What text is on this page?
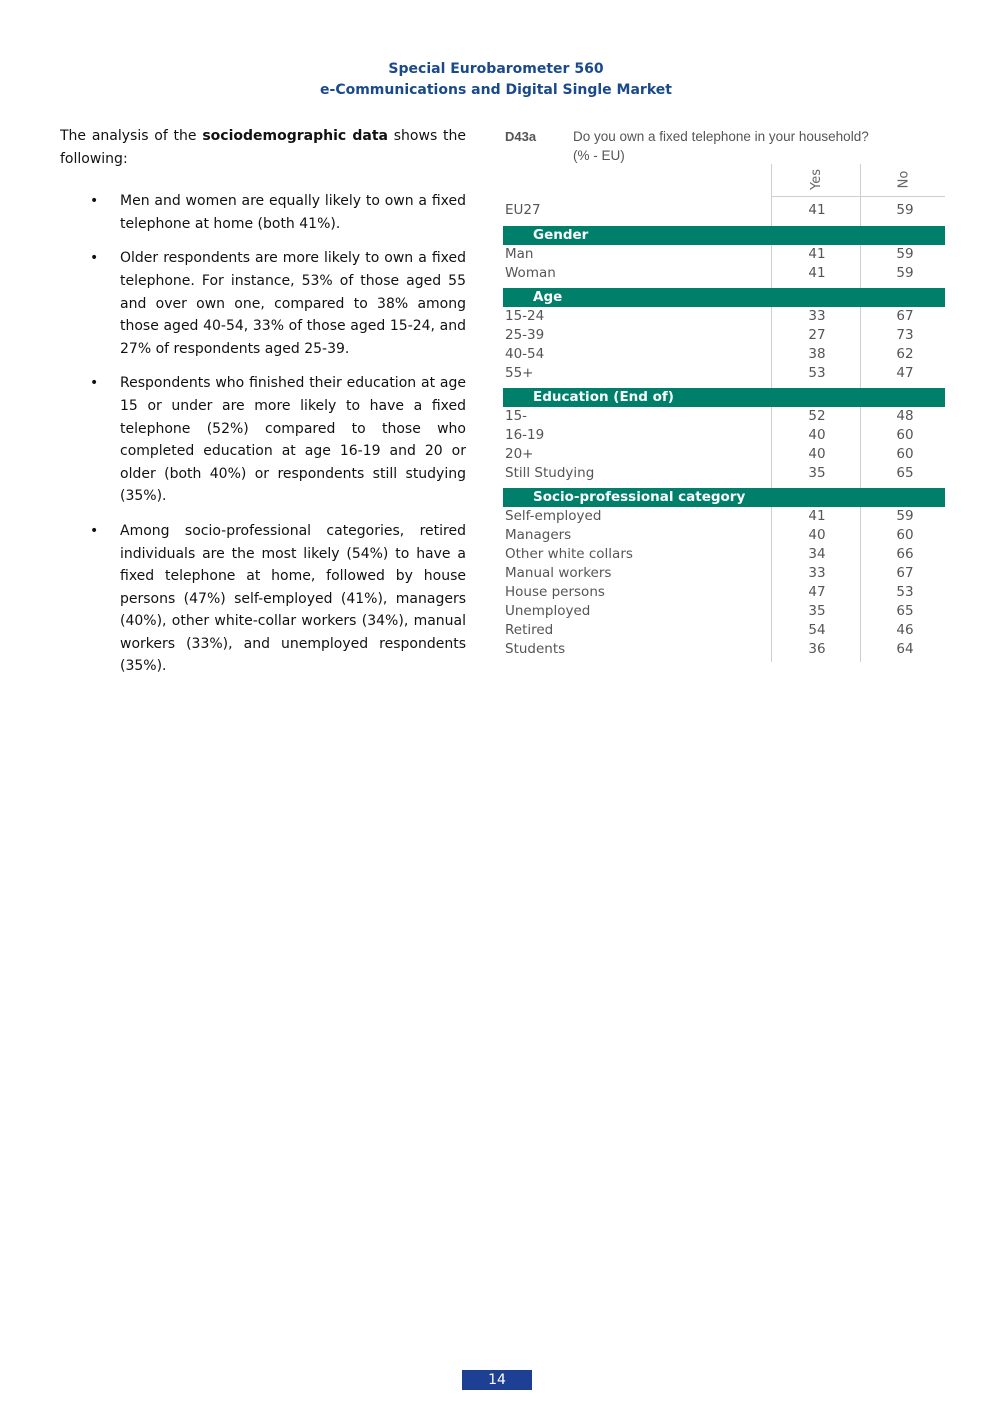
Special Eurobarometer 560
e-Communications and Digital Single Market

The analysis of the sociodemographic data shows the following:

• Men and women are equally likely to own a fixed telephone at home (both 41%).
• Older respondents are more likely to own a fixed telephone. For instance, 53% of those aged 55 and over own one, compared to 38% among those aged 40-54, 33% of those aged 15-24, and 27% of respondents aged 25-39.
• Respondents who finished their education at age 15 or under are more likely to have a fixed telephone (52%) compared to those who completed education at age 16-19 and 20 or older (both 40%) or respondents still studying (35%).
• Among socio-professional categories, retired individuals are the most likely (54%) to have a fixed telephone at home, followed by house persons (47%) self-employed (41%), managers (40%), other white-collar workers (34%), manual workers (33%), and unemployed respondents (35%).
D43a	Do you own a fixed telephone in your household?
(% - EU)
Yes	No
EU27	41	59
Gender
Man	41	59
Woman	41	59
Age
15-24	33	67
25-39	27	73
40-54	38	62
55+	53	47
Education (End of)
15-	52	48
16-19	40	60
20+	40	60
Still Studying	35	65
Socio-professional category
Self-employed	41	59
Managers	40	60
Other white collars	34	66
Manual workers	33	67
House persons	47	53
Unemployed	35	65
Retired	54	46
Students	36	64
14
